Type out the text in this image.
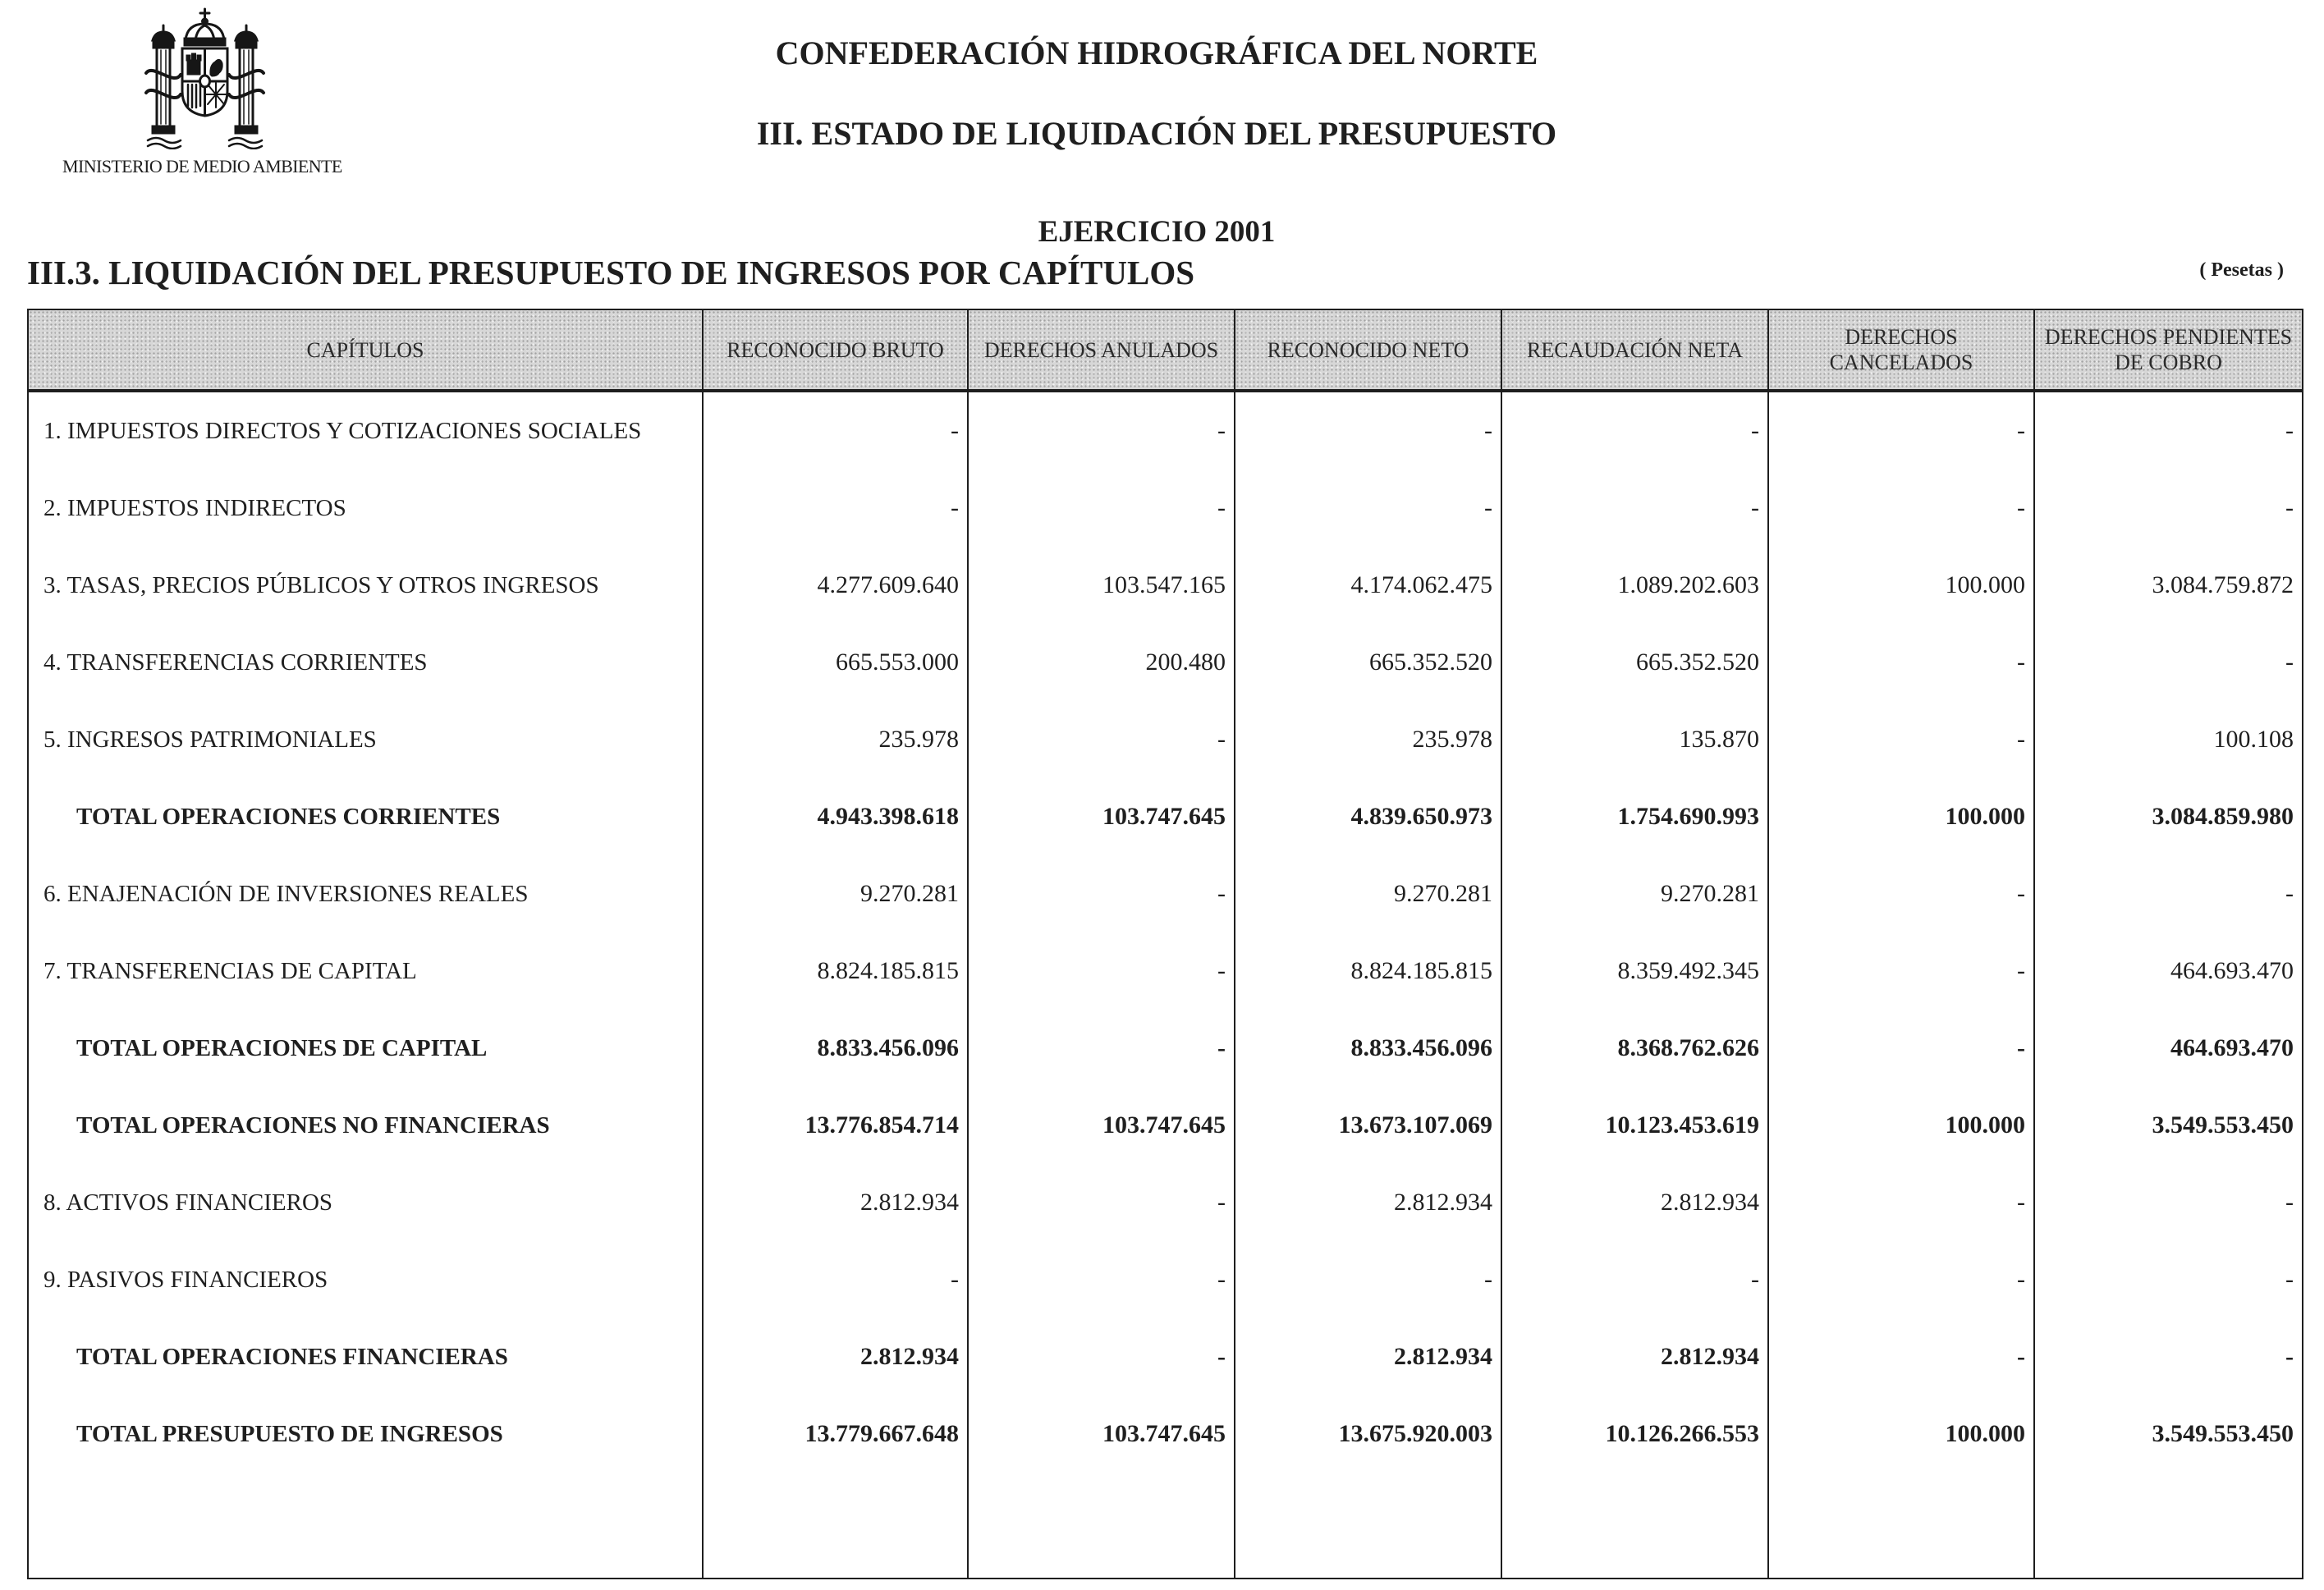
MINISTERIO DE MEDIO AMBIENTE
CONFEDERACIÓN HIDROGRÁFICA DEL NORTE
III. ESTADO DE LIQUIDACIÓN DEL PRESUPUESTO
EJERCICIO 2001
III.3. LIQUIDACIÓN DEL PRESUPUESTO DE INGRESOS POR CAPÍTULOS	( Pesetas )
CAPÍTULOS	RECONOCIDO BRUTO	DERECHOS ANULADOS	RECONOCIDO NETO	RECAUDACIÓN NETA	DERECHOS CANCELADOS	DERECHOS PENDIENTES DE COBRO
1. IMPUESTOS DIRECTOS Y COTIZACIONES SOCIALES	-	-	-	-	-	-
2. IMPUESTOS INDIRECTOS	-	-	-	-	-	-
3. TASAS, PRECIOS PÚBLICOS Y OTROS INGRESOS	4.277.609.640	103.547.165	4.174.062.475	1.089.202.603	100.000	3.084.759.872
4. TRANSFERENCIAS CORRIENTES	665.553.000	200.480	665.352.520	665.352.520	-	-
5. INGRESOS PATRIMONIALES	235.978	-	235.978	135.870	-	100.108
TOTAL OPERACIONES CORRIENTES	4.943.398.618	103.747.645	4.839.650.973	1.754.690.993	100.000	3.084.859.980
6. ENAJENACIÓN DE INVERSIONES REALES	9.270.281	-	9.270.281	9.270.281	-	-
7. TRANSFERENCIAS DE CAPITAL	8.824.185.815	-	8.824.185.815	8.359.492.345	-	464.693.470
TOTAL OPERACIONES DE CAPITAL	8.833.456.096	-	8.833.456.096	8.368.762.626	-	464.693.470
TOTAL OPERACIONES NO FINANCIERAS	13.776.854.714	103.747.645	13.673.107.069	10.123.453.619	100.000	3.549.553.450
8. ACTIVOS FINANCIEROS	2.812.934	-	2.812.934	2.812.934	-	-
9. PASIVOS FINANCIEROS	-	-	-	-	-	-
TOTAL OPERACIONES FINANCIERAS	2.812.934	-	2.812.934	2.812.934	-	-
TOTAL PRESUPUESTO DE INGRESOS	13.779.667.648	103.747.645	13.675.920.003	10.126.266.553	100.000	3.549.553.450
